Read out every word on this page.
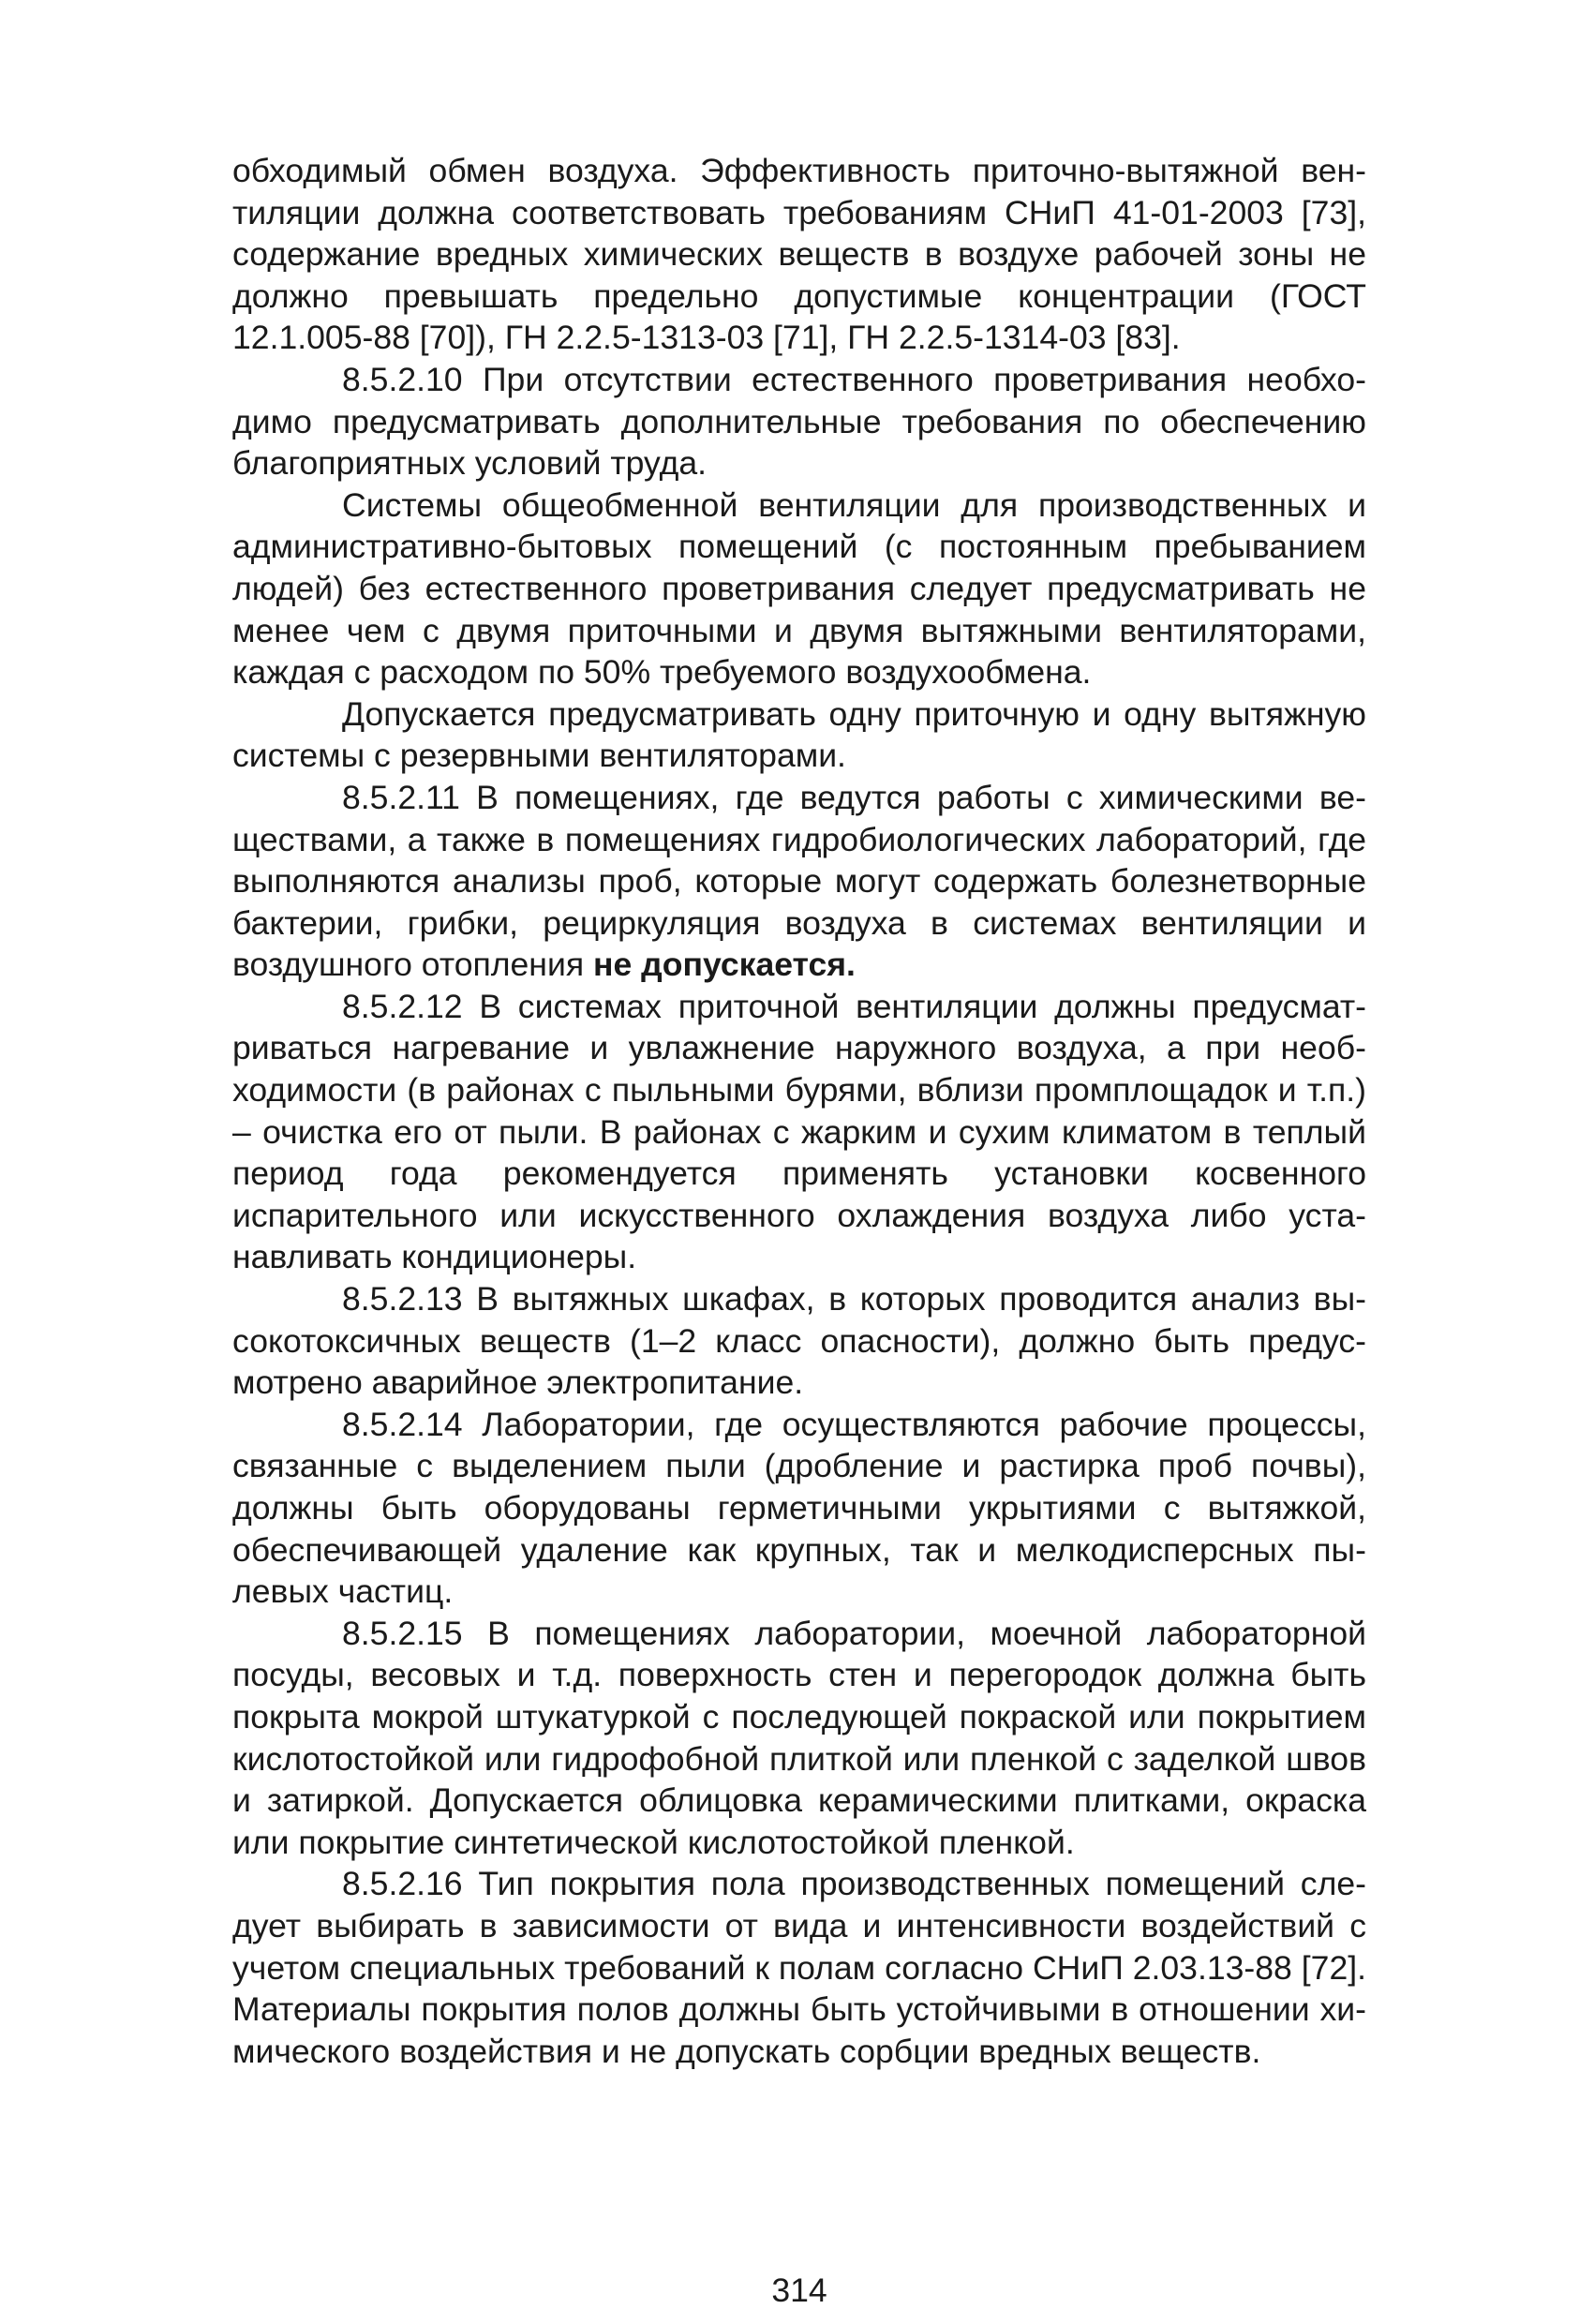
обходимый обмен воздуха. Эффективность приточно-вытяжной вентиляции должна соответствовать требованиям СНиП 41-01-2003 [73], содержание вредных химических веществ в воздухе рабочей зоны не должно превышать предельно допустимые концентрации (ГОСТ 12.1.005-88 [70]), ГН 2.2.5-1313-03 [71], ГН 2.2.5-1314-03 [83].

8.5.2.10 При отсутствии естественного проветривания необходимо предусматривать дополнительные требования по обеспечению благоприятных условий труда.

Системы общеобменной вентиляции для производственных и административно-бытовых помещений (с постоянным пребыванием людей) без естественного проветривания следует предусматривать не менее чем с двумя приточными и двумя вытяжными вентиляторами, каждая с расходом по 50% требуемого воздухообмена.

Допускается предусматривать одну приточную и одну вытяжную системы с резервными вентиляторами.

8.5.2.11 В помещениях, где ведутся работы с химическими веществами, а также в помещениях гидробиологических лабораторий, где выполняются анализы проб, которые могут содержать болезнетворные бактерии, грибки, рециркуляция воздуха в системах вентиляции и воздушного отопления не допускается.

8.5.2.12 В системах приточной вентиляции должны предусматриваться нагревание и увлажнение наружного воздуха, а при необходимости (в районах с пыльными бурями, вблизи промплощадок и т.п.) – очистка его от пыли. В районах с жарким и сухим климатом в теплый период года рекомендуется применять установки косвенного испарительного или искусственного охлаждения воздуха либо устанавливать кондиционеры.

8.5.2.13 В вытяжных шкафах, в которых проводится анализ высокотоксичных веществ (1–2 класс опасности), должно быть предусмотрено аварийное электропитание.

8.5.2.14 Лаборатории, где осуществляются рабочие процессы, связанные с выделением пыли (дробление и растирка проб почвы), должны быть оборудованы герметичными укрытиями с вытяжкой, обеспечивающей удаление как крупных, так и мелкодисперсных пылевых частиц.

8.5.2.15 В помещениях лаборатории, моечной лабораторной посуды, весовых и т.д. поверхность стен и перегородок должна быть покрыта мокрой штукатуркой с последующей покраской или покрытием кислотостойкой или гидрофобной плиткой или пленкой с заделкой швов и затиркой. Допускается облицовка керамическими плитками, окраска или покрытие синтетической кислотостойкой пленкой.

8.5.2.16 Тип покрытия пола производственных помещений следует выбирать в зависимости от вида и интенсивности воздействий с учетом специальных требований к полам согласно СНиП 2.03.13-88 [72]. Материалы покрытия полов должны быть устойчивыми в отношении химического воздействия и не допускать сорбции вредных веществ.

314
